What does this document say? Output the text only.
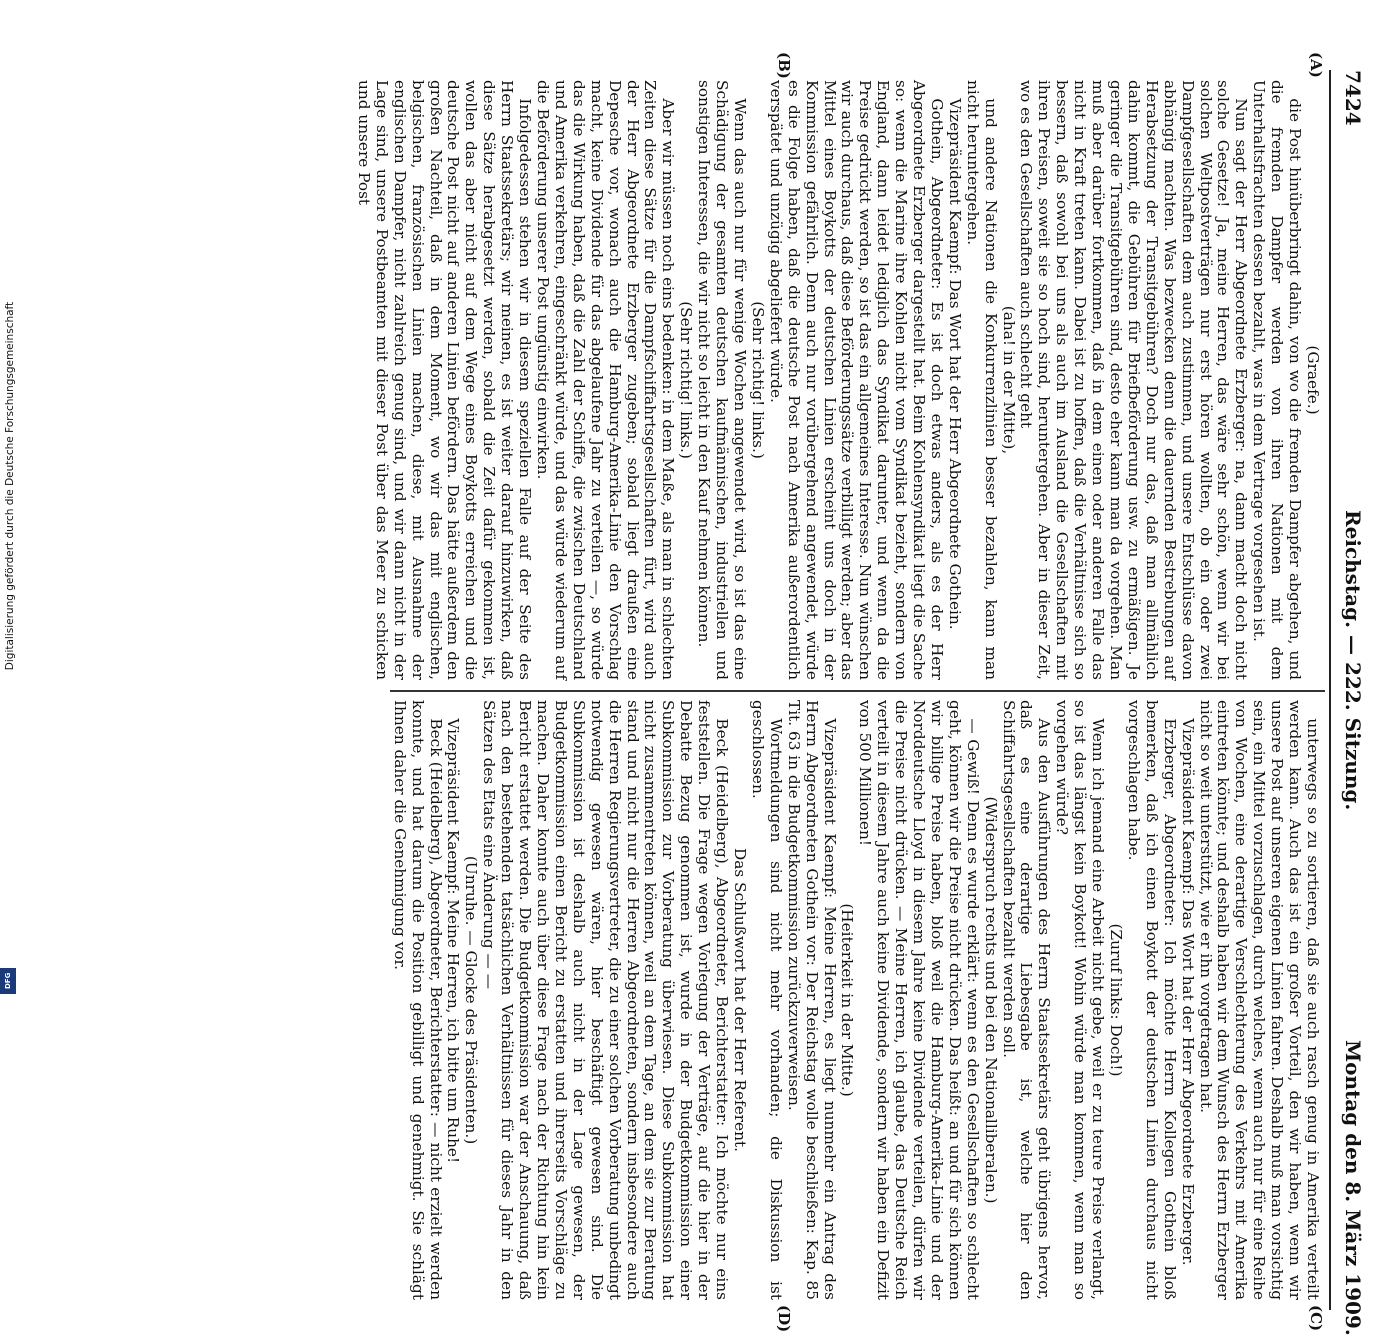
7424
Reichstag. — 222. Sitzung.
Montag den 8. März 1909.
(A)
(B)
(C)
(D)

(Graefe.)

die Post hinüberbringt dahin, von wo die fremden Dampfer abgehen, und die fremden Dampfer werden von ihren Nationen mit dem Unterhaltsfrachten dessen bezahlt, was in dem Vertrage vorgesehen ist.

Nun sagt der Herr Abgeordnete Erzberger: na, dann macht doch nicht solche Gesetze! Ja, meine Herren, das wäre sehr schön, wenn wir bei solchen Weltpostverträgen nur erst hören wollten, ob ein oder zwei Dampfgesellschaften dem auch zustimmen, und unsere Entschlüsse davon abhängig machten. Was bezwecken denn die dauernden Bestrebungen auf Herabsetzung der Transitgebühren? Doch nur das, daß man allmählich dahin kommt, die Gebühren für Briefbeförderung usw. zu ermäßigen. Je geringer die Transitgebühren sind, desto eher kann man da vorgehen. Man muß aber darüber fortkommen, daß in dem einen oder anderen Falle das nicht in Kraft treten kann. Dabei ist zu hoffen, daß die Verhältnisse sich so bessern, daß sowohl bei uns als auch im Ausland die Gesellschaften mit ihren Preisen, soweit sie so hoch sind, heruntergehen. Aber in dieser Zeit, wo es den Gesellschaften auch schlecht geht

(aha! in der Mitte),

und andere Nationen die Konkurrenzlinien besser bezahlen, kann man nicht heruntergehen.

Vizepräsident Kaempf: Das Wort hat der Herr Abgeordnete Gothein.

Gothein, Abgeordneter: Es ist doch etwas anders, als es der Herr Abgeordnete Erzberger dargestellt hat. Beim Kohlensyndikat liegt die Sache so: wenn die Marine ihre Kohlen nicht vom Syndikat bezieht, sondern von England, dann leidet lediglich das Syndikat darunter, und wenn da die Preise gedrückt werden, so ist das ein allgemeines Interesse. Nun wünschen wir auch durchaus, daß diese Beförderungssätze verbilligt werden; aber das Mittel eines Boykotts der deutschen Linien erscheint uns doch in der Kommission gefährlich. Denn auch nur vorübergehend angewendet, würde es die Folge haben, daß die deutsche Post nach Amerika außerordentlich verspätet und unzügig abgeliefert würde.

(Sehr richtig! links.)

Wenn das auch nur für wenige Wochen angewendet wird, so ist das eine Schädigung der gesamten deutschen kaufmännischen, industriellen und sonstigen Interessen, die wir nicht so leicht in den Kauf nehmen können.

(Sehr richtig! links.)

Aber wir müssen noch eins bedenken: in dem Maße, als man in schlechten Zeiten diese Sätze für die Dampfschiffahrtsgesellschaften fürt, wird auch der Herr Abgeordnete Erzberger zugeben; sobald liegt draußen eine Depesche vor, wonach auch die Hamburg-Amerika-Linie den Vorschlag macht, keine Dividende für das abgelaufene Jahr zu verteilen —, so würde das die Wirkung haben, daß die Zahl der Schiffe, die zwischen Deutschland und Amerika verkehren, eingeschränkt würde, und das würde wiederum auf die Beförderung unserer Post ungünstig einwirken.

Infolgedessen stehen wir in diesem speziellen Falle auf der Seite des Herrn Staatssekretärs; wir meinen, es ist weiter darauf hinzuwirken, daß diese Sätze herabgesetzt werden, sobald die Zeit dafür gekommen ist, wollen das aber nicht auf dem Wege eines Boykotts erreichen und die deutsche Post nicht auf anderen Linien befördern. Das hätte außerdem den großen Nachteil, daß in dem Moment, wo wir das mit englischen, belgischen, französischen Linien machen, diese, mit Ausnahme der englischen Dampfer, nicht zahlreich genug sind, und wir dann nicht in der Lage sind, unsere Postbeamten mit dieser Post über das Meer zu schicken und unsere Post

unterwegs so zu sortieren, daß sie auch rasch genug in Amerika verteilt werden kann. Auch das ist ein großer Vorteil, den wir haben, wenn wir unsere Post auf unseren eigenen Linien fahren. Deshalb muß man vorsichtig sein, ein Mittel vorzuschlagen, durch welches, wenn auch nur für eine Reihe von Wochen, eine derartige Verschlechterung des Verkehrs mit Amerika eintreten könnte; und deshalb haben wir dem Wunsch des Herrn Erzberger nicht so weit unterstützt, wie er ihn vorgetragen hat.

Vizepräsident Kaempf: Das Wort hat der Herr Abgeordnete Erzberger.

Erzberger, Abgeordneter: Ich möchte Herrn Kollegen Gothein bloß bemerken, daß ich einen Boykott der deutschen Linien durchaus nicht vorgeschlagen habe.

(Zuruf links: Doch!)

Wenn ich jemand eine Arbeit nicht gebe, weil er zu teure Preise verlangt, so ist das längst kein Boykott! Wohin würde man kommen, wenn man so vorgehen würde?

Aus den Ausführungen des Herrn Staatssekretärs geht übrigens hervor, daß es eine derartige Liebesgabe ist, welche hier den Schiffahrtsgesellschaften bezahlt werden soll.

(Widerspruch rechts und bei den Nationalliberalen.)

— Gewiß! Denn es wurde erklärt: wenn es den Gesellschaften so schlecht geht, können wir die Preise nicht drücken. Das heißt: an und für sich können wir billige Preise haben, bloß weil die Hamburg-Amerika-Linie und der Norddeutsche Lloyd in diesem Jahre keine Dividende verteilen, dürfen wir die Preise nicht drücken. — Meine Herren, ich glaube, das Deutsche Reich verteilt in diesem Jahre auch keine Dividende, sondern wir haben ein Defizit von 500 Millionen!

(Heiterkeit in der Mitte.)

Vizepräsident Kaempf: Meine Herren, es liegt nunmehr ein Antrag des Herrn Abgeordneten Gothein vor: Der Reichstag wolle beschließen: Kap. 85 Tit. 63 in die Budgetkommission zurückzuverweisen.

Wortmeldungen sind nicht mehr vorhanden; die Diskussion ist geschlossen.

Das Schlußwort hat der Herr Referent.

Beck (Heidelberg), Abgeordneter, Berichterstatter: Ich möchte nur eins feststellen. Die Frage wegen Vorlegung der Verträge, auf die hier in der Debatte Bezug genommen ist, wurde in der Budgetkommission einer Subkommission zur Vorberatung überwiesen. Diese Subkommission hat nicht zusammentreten können, weil an dem Tage, an dem sie zur Beratung stand und nicht nur die Herren Abgeordneten, sondern insbesondere auch die Herren Regierungsvertreter, die zu einer solchen Vorberatung unbedingt notwendig gewesen wären, hier beschäftigt gewesen sind. Die Subkommission ist deshalb auch nicht in der Lage gewesen, der Budgetkommission einen Bericht zu erstatten und ihrerseits Vorschläge zu machen. Daher konnte auch über diese Frage nach der Richtung hin kein Bericht erstattet werden. Die Budgetkommission war der Anschauung, daß nach den bestehenden tatsächlichen Verhältnissen für dieses Jahr in den Sätzen des Etats eine Änderung — —

(Unruhe. — Glocke des Präsidenten.)

Vizepräsident Kaempf: Meine Herren, ich bitte um Ruhe!

Beck (Heidelberg), Abgeordneter, Berichterstatter: — nicht erzielt werden konnte, und hat darum die Position gebilligt und genehmigt. Sie schlägt Ihnen daher die Genehmigung vor.

Digitalisierung gefördert durch die Deutsche Forschungsgemeinschaft
DFG
